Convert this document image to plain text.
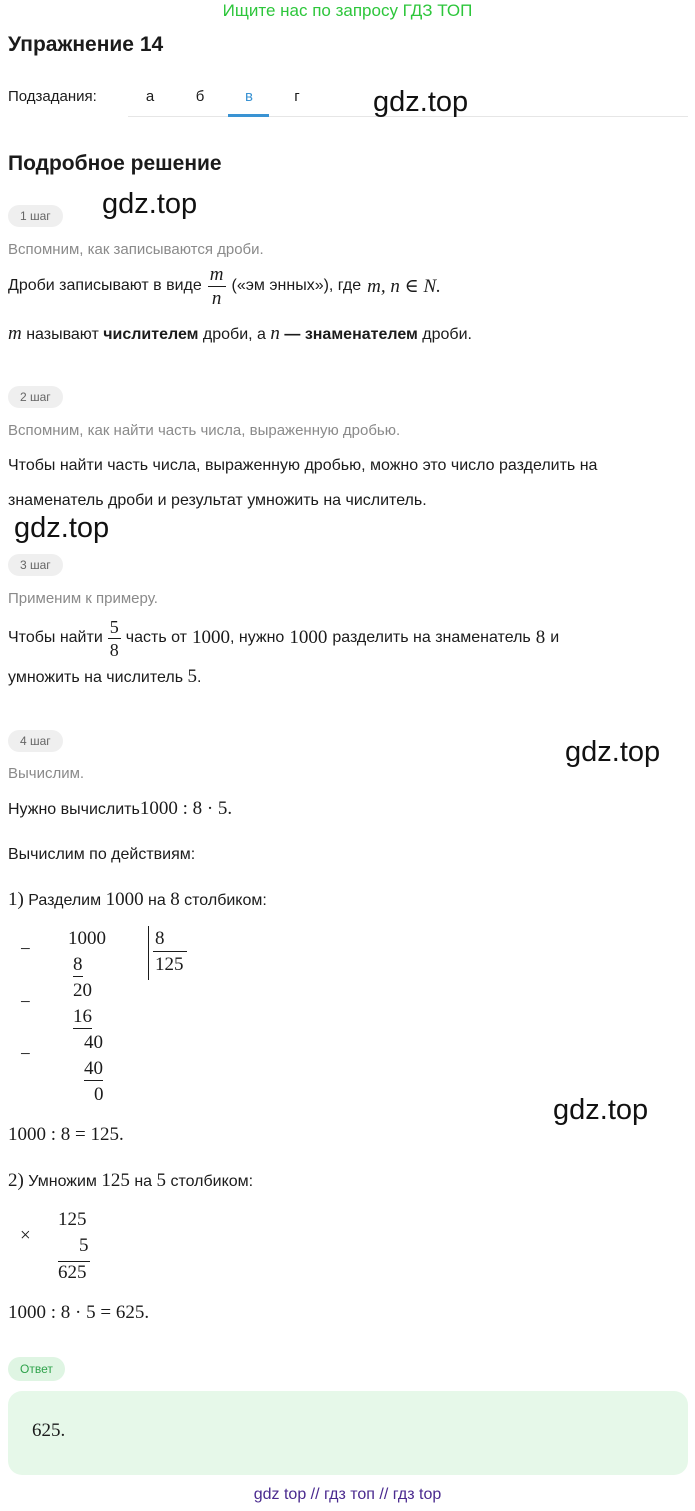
Ищите нас по запросу ГДЗ ТОП
Упражнение 14
Подзадания:	а	б	в	г	gdz.top
gdz.top
gdz.top
gdz.top
gdz.top
Подробное решение
1 шаг
Вспомним, как записываются дроби.
Дроби записывают в виде $\frac{m}{n}$ («эм энных»), где m, n ∈ N.
m называют числителем дроби, а n — знаменателем дроби.
2 шаг
Вспомним, как найти часть числа, выраженную дробью.
Чтобы найти часть числа, выраженную дробью, можно это число разделить на
знаменатель дроби и результат умножить на числитель.
3 шаг
Применим к примеру.
Чтобы найти $\frac{5}{8}$ часть от 1000 , нужно 1000 разделить на знаменатель 8 и
умножить на числитель 5.
4 шаг
Вычислим.
Нужно вычислить1000 : 8 · 5.
Вычислим по действиям:
1) Разделим 1000 на 8 столбиком:
−
−
−
1000	8
125
8
20
16
40
40
0
1000 : 8 = 125.
2) Умножим 125 на 5 столбиком:
×
125
5
625
1000 : 8 · 5 = 625.
Ответ
625.
gdz top // гдз топ // гдз top
